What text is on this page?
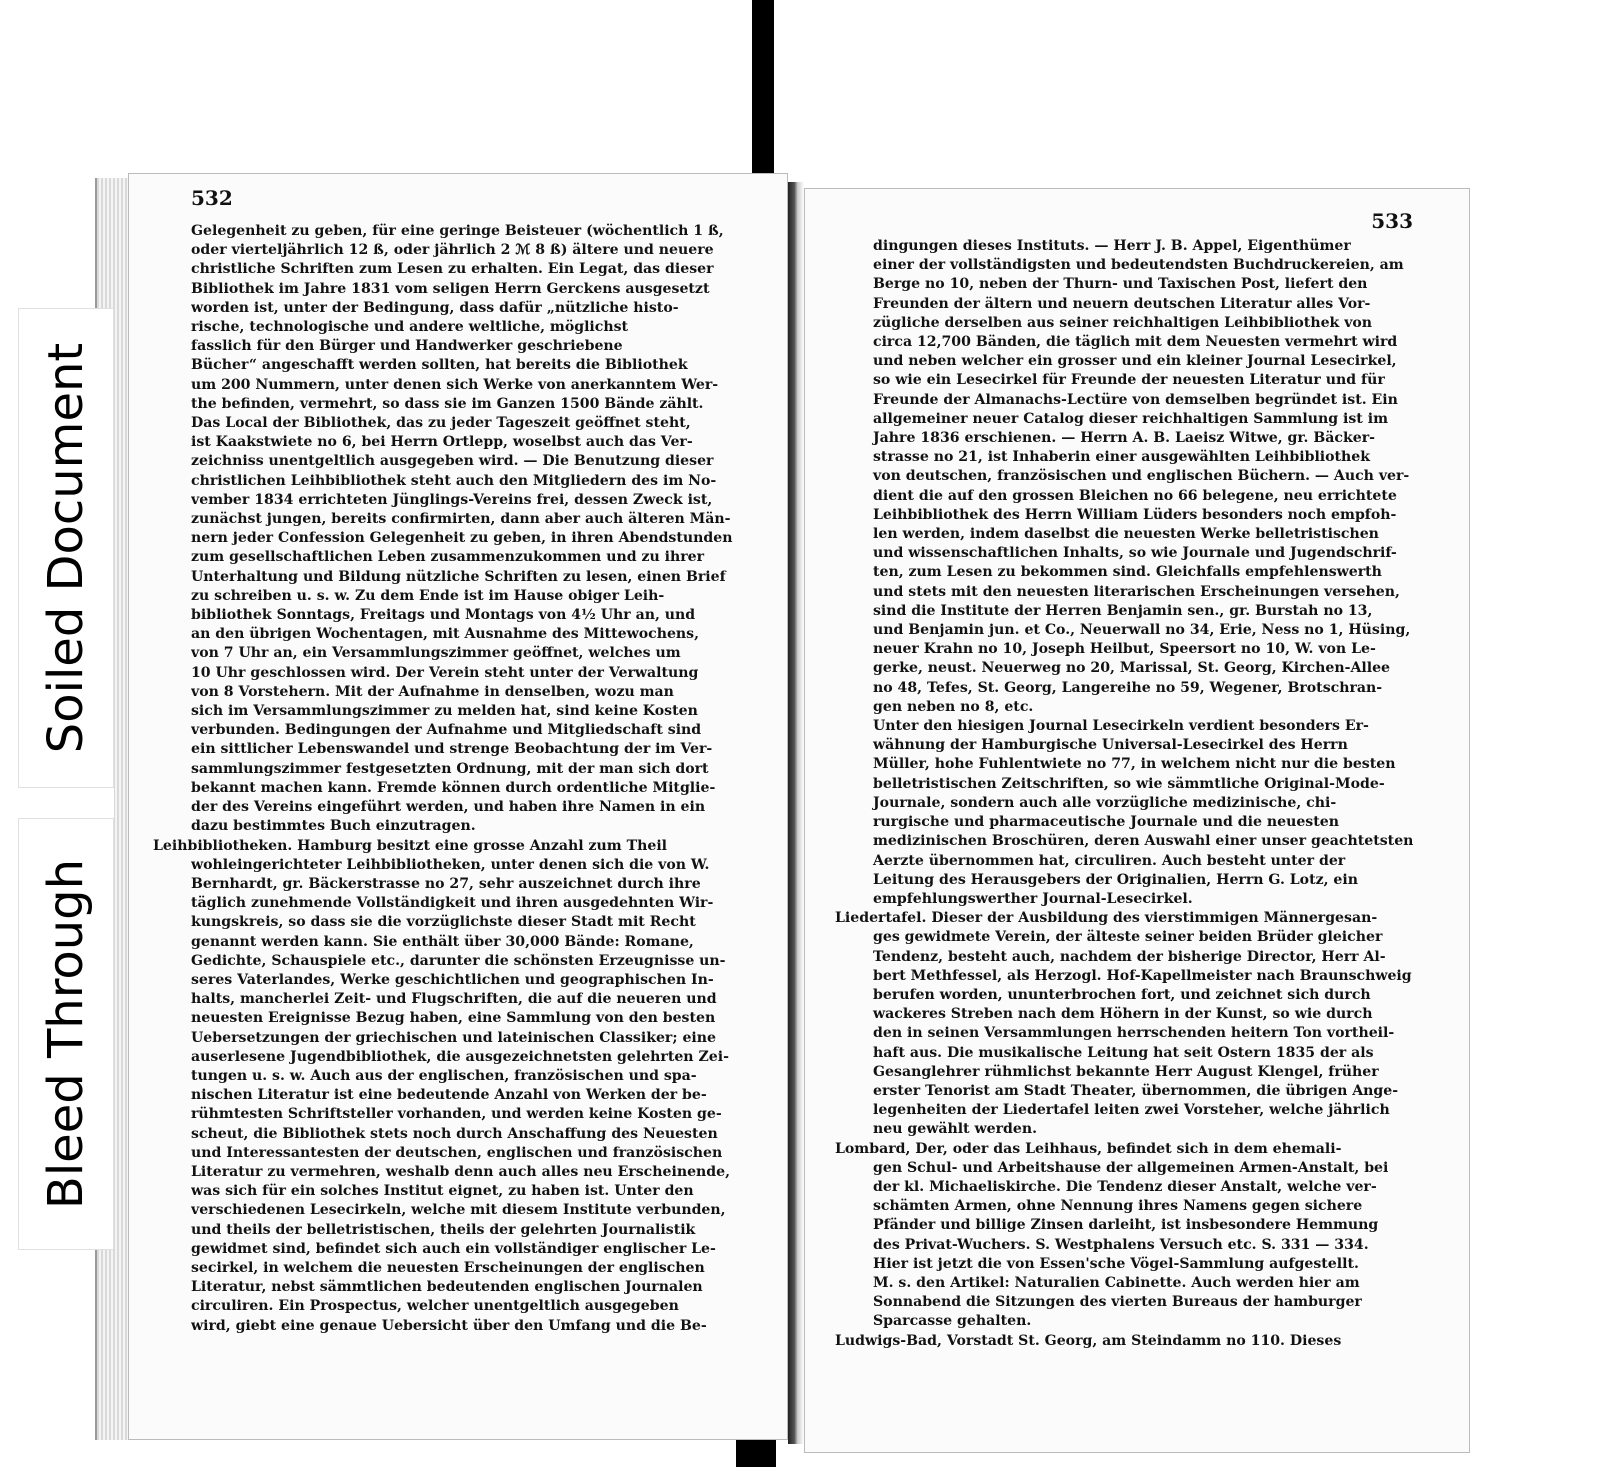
532
Gelegenheit zu geben, für eine geringe Beisteuer (wöchentlich 1 ß,
oder vierteljährlich 12 ß, oder jährlich 2 ℳ 8 ß) ältere und neuere
christliche Schriften zum Lesen zu erhalten. Ein Legat, das dieser
Bibliothek im Jahre 1831 vom seligen Herrn Gerckens ausgesetzt
worden ist, unter der Bedingung, dass dafür „nützliche histo-
rische, technologische und andere weltliche, möglichst
fasslich für den Bürger und Handwerker geschriebene
Bücher“ angeschafft werden sollten, hat bereits die Bibliothek
um 200 Nummern, unter denen sich Werke von anerkanntem Wer-
the befinden, vermehrt, so dass sie im Ganzen 1500 Bände zählt.
Das Local der Bibliothek, das zu jeder Tageszeit geöffnet steht,
ist Kaakstwiete no 6, bei Herrn Ortlepp, woselbst auch das Ver-
zeichniss unentgeltlich ausgegeben wird. — Die Benutzung dieser
christlichen Leihbibliothek steht auch den Mitgliedern des im No-
vember 1834 errichteten Jünglings-Vereins frei, dessen Zweck ist,
zunächst jungen, bereits confirmirten, dann aber auch älteren Män-
nern jeder Confession Gelegenheit zu geben, in ihren Abendstunden
zum gesellschaftlichen Leben zusammenzukommen und zu ihrer
Unterhaltung und Bildung nützliche Schriften zu lesen, einen Brief
zu schreiben u. s. w. Zu dem Ende ist im Hause obiger Leih-
bibliothek Sonntags, Freitags und Montags von 4½ Uhr an, und
an den übrigen Wochentagen, mit Ausnahme des Mittewochens,
von 7 Uhr an, ein Versammlungszimmer geöffnet, welches um
10 Uhr geschlossen wird. Der Verein steht unter der Verwaltung
von 8 Vorstehern. Mit der Aufnahme in denselben, wozu man
sich im Versammlungszimmer zu melden hat, sind keine Kosten
verbunden. Bedingungen der Aufnahme und Mitgliedschaft sind
ein sittlicher Lebenswandel und strenge Beobachtung der im Ver-
sammlungszimmer festgesetzten Ordnung, mit der man sich dort
bekannt machen kann. Fremde können durch ordentliche Mitglie-
der des Vereins eingeführt werden, und haben ihre Namen in ein
dazu bestimmtes Buch einzutragen.
Leihbibliotheken. Hamburg besitzt eine grosse Anzahl zum Theil
wohleingerichteter Leihbibliotheken, unter denen sich die von W.
Bernhardt, gr. Bäckerstrasse no 27, sehr auszeichnet durch ihre
täglich zunehmende Vollständigkeit und ihren ausgedehnten Wir-
kungskreis, so dass sie die vorzüglichste dieser Stadt mit Recht
genannt werden kann. Sie enthält über 30,000 Bände: Romane,
Gedichte, Schauspiele etc., darunter die schönsten Erzeugnisse un-
seres Vaterlandes, Werke geschichtlichen und geographischen In-
halts, mancherlei Zeit- und Flugschriften, die auf die neueren und
neuesten Ereignisse Bezug haben, eine Sammlung von den besten
Uebersetzungen der griechischen und lateinischen Classiker; eine
auserlesene Jugendbibliothek, die ausgezeichnetsten gelehrten Zei-
tungen u. s. w. Auch aus der englischen, französischen und spa-
nischen Literatur ist eine bedeutende Anzahl von Werken der be-
rühmtesten Schriftsteller vorhanden, und werden keine Kosten ge-
scheut, die Bibliothek stets noch durch Anschaffung des Neuesten
und Interessantesten der deutschen, englischen und französischen
Literatur zu vermehren, weshalb denn auch alles neu Erscheinende,
was sich für ein solches Institut eignet, zu haben ist. Unter den
verschiedenen Lesecirkeln, welche mit diesem Institute verbunden,
und theils der belletristischen, theils der gelehrten Journalistik
gewidmet sind, befindet sich auch ein vollständiger englischer Le-
secirkel, in welchem die neuesten Erscheinungen der englischen
Literatur, nebst sämmtlichen bedeutenden englischen Journalen
circuliren. Ein Prospectus, welcher unentgeltlich ausgegeben
wird, giebt eine genaue Uebersicht über den Umfang und die Be-
533
dingungen dieses Instituts. — Herr J. B. Appel, Eigenthümer
einer der vollständigsten und bedeutendsten Buchdruckereien, am
Berge no 10, neben der Thurn- und Taxischen Post, liefert den
Freunden der ältern und neuern deutschen Literatur alles Vor-
zügliche derselben aus seiner reichhaltigen Leihbibliothek von
circa 12,700 Bänden, die täglich mit dem Neuesten vermehrt wird
und neben welcher ein grosser und ein kleiner Journal Lesecirkel,
so wie ein Lesecirkel für Freunde der neuesten Literatur und für
Freunde der Almanachs-Lectüre von demselben begründet ist. Ein
allgemeiner neuer Catalog dieser reichhaltigen Sammlung ist im
Jahre 1836 erschienen. — Herrn A. B. Laeisz Witwe, gr. Bäcker-
strasse no 21, ist Inhaberin einer ausgewählten Leihbibliothek
von deutschen, französischen und englischen Büchern. — Auch ver-
dient die auf den grossen Bleichen no 66 belegene, neu errichtete
Leihbibliothek des Herrn William Lüders besonders noch empfoh-
len werden, indem daselbst die neuesten Werke belletristischen
und wissenschaftlichen Inhalts, so wie Journale und Jugendschrif-
ten, zum Lesen zu bekommen sind. Gleichfalls empfehlenswerth
und stets mit den neuesten literarischen Erscheinungen versehen,
sind die Institute der Herren Benjamin sen., gr. Burstah no 13,
und Benjamin jun. et Co., Neuerwall no 34, Erie, Ness no 1, Hüsing,
neuer Krahn no 10, Joseph Heilbut, Speersort no 10, W. von Le-
gerke, neust. Neuerweg no 20, Marissal, St. Georg, Kirchen-Allee
no 48, Tefes, St. Georg, Langereihe no 59, Wegener, Brotschran-
gen neben no 8, etc.
Unter den hiesigen Journal Lesecirkeln verdient besonders Er-
wähnung der Hamburgische Universal-Lesecirkel des Herrn
Müller, hohe Fuhlentwiete no 77, in welchem nicht nur die besten
belletristischen Zeitschriften, so wie sämmtliche Original-Mode-
Journale, sondern auch alle vorzügliche medizinische, chi-
rurgische und pharmaceutische Journale und die neuesten
medizinischen Broschüren, deren Auswahl einer unser geachtetsten
Aerzte übernommen hat, circuliren. Auch besteht unter der
Leitung des Herausgebers der Originalien, Herrn G. Lotz, ein
empfehlungswerther Journal-Lesecirkel.
Liedertafel. Dieser der Ausbildung des vierstimmigen Männergesan-
ges gewidmete Verein, der älteste seiner beiden Brüder gleicher
Tendenz, besteht auch, nachdem der bisherige Director, Herr Al-
bert Methfessel, als Herzogl. Hof-Kapellmeister nach Braunschweig
berufen worden, ununterbrochen fort, und zeichnet sich durch
wackeres Streben nach dem Höhern in der Kunst, so wie durch
den in seinen Versammlungen herrschenden heitern Ton vortheil-
haft aus. Die musikalische Leitung hat seit Ostern 1835 der als
Gesanglehrer rühmlichst bekannte Herr August Klengel, früher
erster Tenorist am Stadt Theater, übernommen, die übrigen Ange-
legenheiten der Liedertafel leiten zwei Vorsteher, welche jährlich
neu gewählt werden.
Lombard, Der, oder das Leihhaus, befindet sich in dem ehemali-
gen Schul- und Arbeitshause der allgemeinen Armen-Anstalt, bei
der kl. Michaeliskirche. Die Tendenz dieser Anstalt, welche ver-
schämten Armen, ohne Nennung ihres Namens gegen sichere
Pfänder und billige Zinsen darleiht, ist insbesondere Hemmung
des Privat-Wuchers. S. Westphalens Versuch etc. S. 331 — 334.
Hier ist jetzt die von Essen'sche Vögel-Sammlung aufgestellt.
M. s. den Artikel: Naturalien Cabinette. Auch werden hier am
Sonnabend die Sitzungen des vierten Bureaus der hamburger
Sparcasse gehalten.
Ludwigs-Bad, Vorstadt St. Georg, am Steindamm no 110. Dieses
Soiled Document
Bleed Through
